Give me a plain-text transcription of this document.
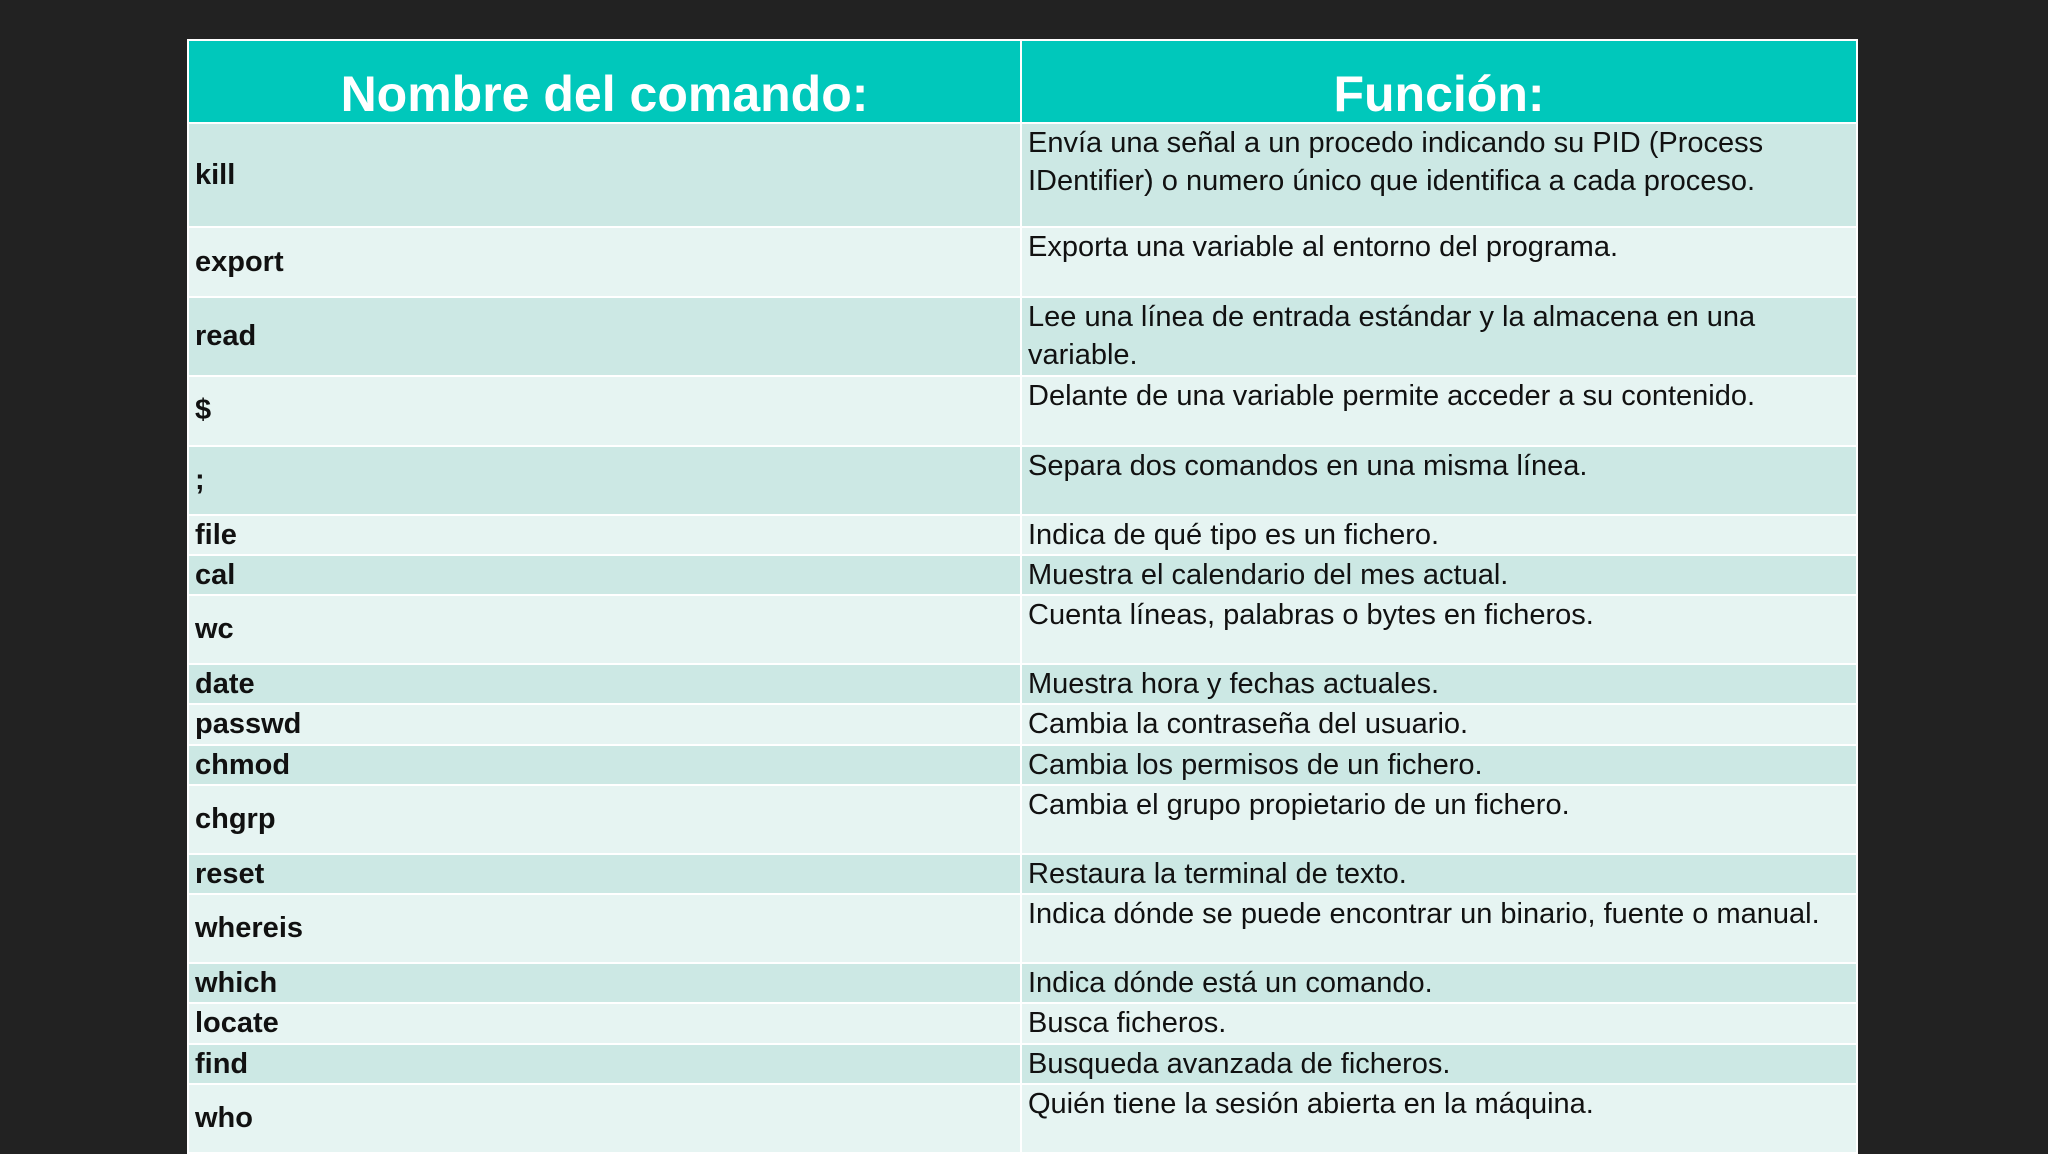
Nombre del comando:	Función:
kill	Envía una señal a un procedo indicando su PID (Process IDentifier) o numero único que identifica a cada proceso.
export	Exporta una variable al entorno del programa.
read	Lee una línea de entrada estándar y la almacena en una variable.
$	Delante de una variable permite acceder a su contenido.
;	Separa dos comandos en una misma línea.
file	Indica de qué tipo es un fichero.
cal	Muestra el calendario del mes actual.
wc	Cuenta líneas, palabras o bytes en ficheros.
date	Muestra hora y fechas actuales.
passwd	Cambia la contraseña del usuario.
chmod	Cambia los permisos de un fichero.
chgrp	Cambia el grupo propietario de un fichero.
reset	Restaura la terminal de texto.
whereis	Indica dónde se puede encontrar un binario, fuente o manual.
which	Indica dónde está un comando.
locate	Busca ficheros.
find	Busqueda avanzada de ficheros.
who	Quién tiene la sesión abierta en la máquina.
